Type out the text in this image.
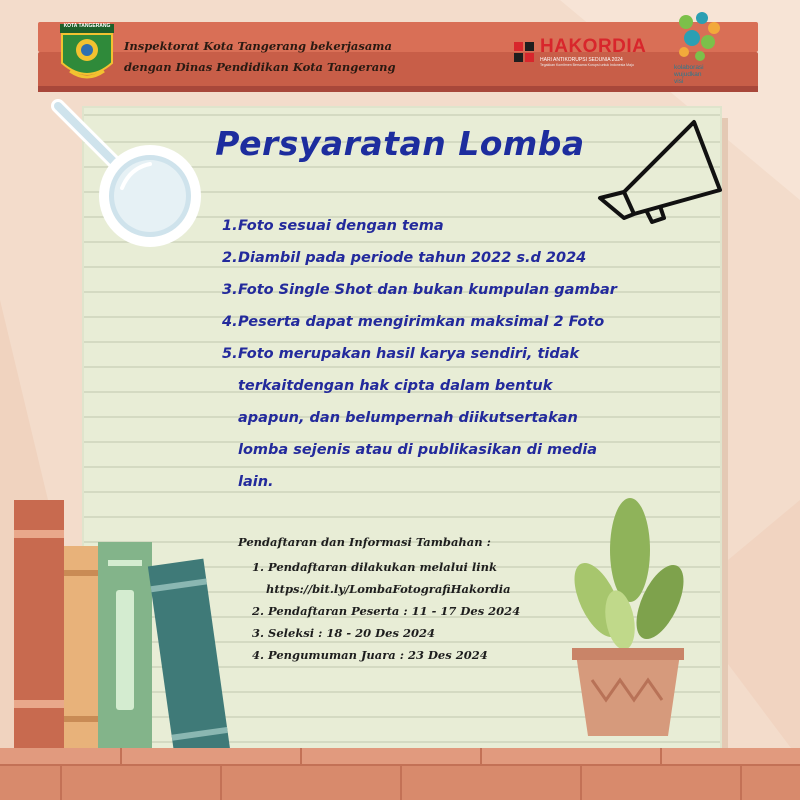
KOTA TANGERANG
Inspektorat Kota Tangerang bekerjasama
dengan Dinas Pendidikan Kota Tangerang
HAKORDIA
HARI ANTIKORUPSI SEDUNIA 2024
Tegakkan Komitmen Bersama Korupsi untuk Indonesia Maju	kolaborasi
wujudkan
visi
Persyaratan Lomba
1. Foto sesuai dengan tema
2. Diambil pada periode tahun 2022 s.d 2024
3. Foto Single Shot dan bukan kumpulan gambar
4. Peserta dapat mengirimkan maksimal 2 Foto
5. Foto merupakan hasil karya sendiri, tidak
terkaitdengan hak cipta dalam bentuk
apapun, dan belumpernah diikutsertakan
lomba sejenis atau di publikasikan di media
lain.
Pendaftaran dan Informasi Tambahan :
1. Pendaftaran dilakukan melalui link
https://bit.ly/LombaFotografiHakordia
2. Pendaftaran Peserta : 11 - 17 Des 2024
3. Seleksi : 18 - 20 Des 2024
4. Pengumuman Juara : 23 Des 2024
